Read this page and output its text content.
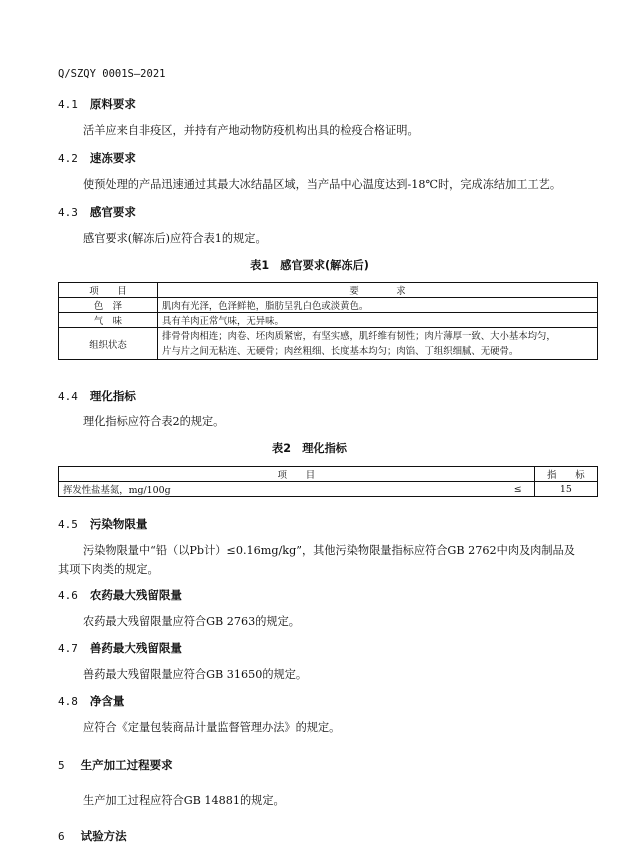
Q/SZQY 0001S—2021
4.1 原料要求
活羊应来自非疫区，并持有产地动物防疫机构出具的检疫合格证明。
4.2 速冻要求
使预处理的产品迅速通过其最大冰结晶区域，当产品中心温度达到-18℃时，完成冻结加工工艺。
4.3 感官要求
感官要求(解冻后)应符合表1的规定。
表1　感官要求(解冻后)
项　　目	要　　　　求
色　泽	肌肉有光泽，色泽鲜艳，脂肪呈乳白色或淡黄色。
气　味	具有羊肉正常气味，无异味。
组织状态	排骨骨肉相连；肉卷、坯肉质紧密，有坚实感，肌纤维有韧性；肉片薄厚一致、大小基本均匀，
片与片之间无粘连、无硬骨；肉丝粗细、长度基本均匀；肉馅、丁组织细腻、无硬骨。
4.4 理化指标
理化指标应符合表2的规定。
表2　理化指标
项　　目		指　　标
挥发性盐基氮，mg/100g	≤	15
4.5 污染物限量
污染物限量中“铅（以Pb计）≤0.16mg/kg”，其他污染物限量指标应符合GB 2762中肉及肉制品及
其项下肉类的规定。
4.6 农药最大残留限量
农药最大残留限量应符合GB 2763的规定。
4.7 兽药最大残留限量
兽药最大残留限量应符合GB 31650的规定。
4.8 净含量
应符合《定量包装商品计量监督管理办法》的规定。
5 生产加工过程要求
生产加工过程应符合GB 14881的规定。
6 试验方法
